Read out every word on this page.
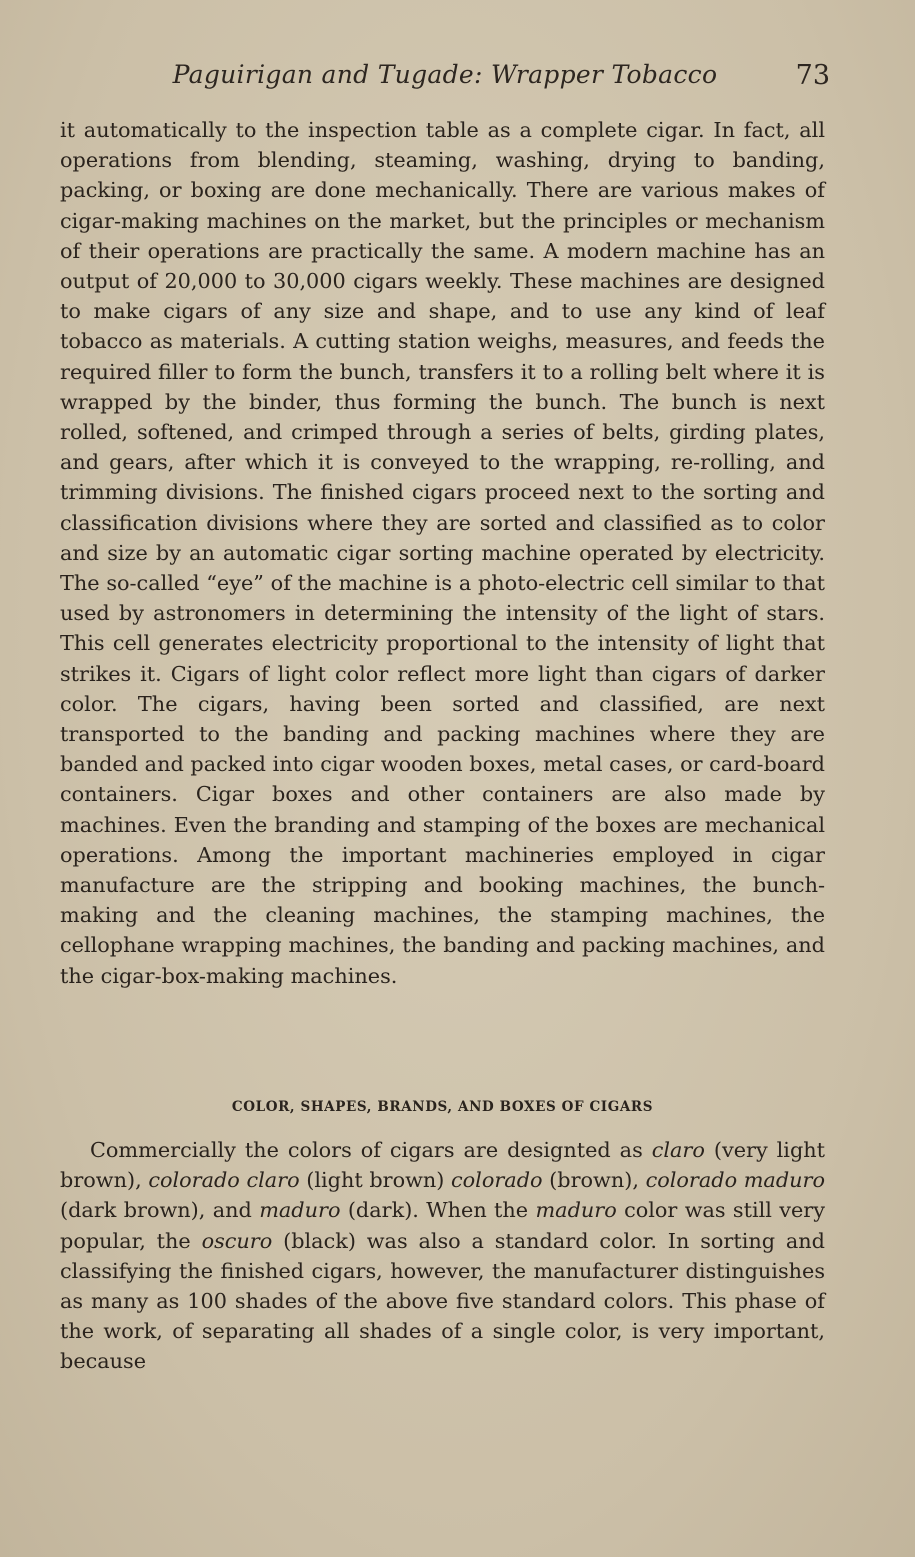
Paguirigan and Tugade: Wrapper Tobacco	73

it automatically to the inspection table as a complete cigar. In fact, all operations from blending, steaming, washing, drying to banding, packing, or boxing are done mechanically. There are various makes of cigar-making machines on the market, but the principles or mechanism of their operations are practically the same. A modern machine has an output of 20,000 to 30,000 cigars weekly. These machines are designed to make cigars of any size and shape, and to use any kind of leaf tobacco as materials. A cutting station weighs, measures, and feeds the required filler to form the bunch, transfers it to a rolling belt where it is wrapped by the binder, thus forming the bunch. The bunch is next rolled, softened, and crimped through a series of belts, girding plates, and gears, after which it is conveyed to the wrapping, re-rolling, and trimming divisions. The finished cigars proceed next to the sorting and classification divisions where they are sorted and classified as to color and size by an automatic cigar sorting machine operated by electricity. The so-called “eye” of the machine is a photo-electric cell similar to that used by astronomers in determining the intensity of the light of stars. This cell generates electricity proportional to the intensity of light that strikes it. Cigars of light color reflect more light than cigars of darker color. The cigars, having been sorted and classified, are next transported to the banding and packing machines where they are banded and packed into cigar wooden boxes, metal cases, or card-board containers. Cigar boxes and other containers are also made by machines. Even the branding and stamping of the boxes are mechanical operations. Among the important machineries employed in cigar manufacture are the stripping and booking machines, the bunch-making and the cleaning machines, the stamping machines, the cellophane wrapping machines, the banding and packing machines, and the cigar-box-making machines.

COLOR, SHAPES, BRANDS, AND BOXES OF CIGARS

Commercially the colors of cigars are designted as claro (very light brown), colorado claro (light brown) colorado (brown), colorado maduro (dark brown), and maduro (dark). When the maduro color was still very popular, the oscuro (black) was also a standard color. In sorting and classifying the finished cigars, however, the manufacturer distinguishes as many as 100 shades of the above five standard colors. This phase of the work, of separating all shades of a single color, is very important, because
